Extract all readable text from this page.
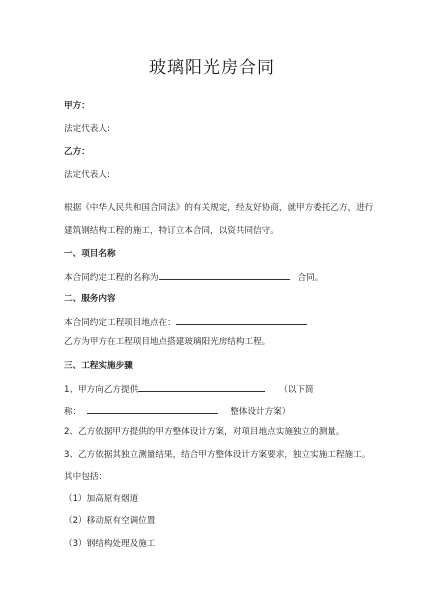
玻璃阳光房合同
甲方：
法定代表人:
乙方：
法定代表人:
根据《中华人民共和国合同法》的有关规定，经友好协商，就甲方委托乙方，进行
建筑钢结构工程的施工，特订立本合同，以资共同信守。
一、项目名称
本合同约定工程的名称为	合同。
二、服务内容
本合同约定工程项目地点在：
乙方为甲方在工程项目地点搭建玻璃阳光房结构工程。
三、工程实施步骤
1、甲方向乙方提供	（以下简
称：	整体设计方案）
2、乙方依据甲方提供的甲方整体设计方案，对项目地点实施独立的测量。
3、乙方依据其独立测量结果，结合甲方整体设计方案要求，独立实施工程施工。
其中包括：
（1）加高原有烟道
（2）移动原有空调位置
（3）钢结构处理及施工
